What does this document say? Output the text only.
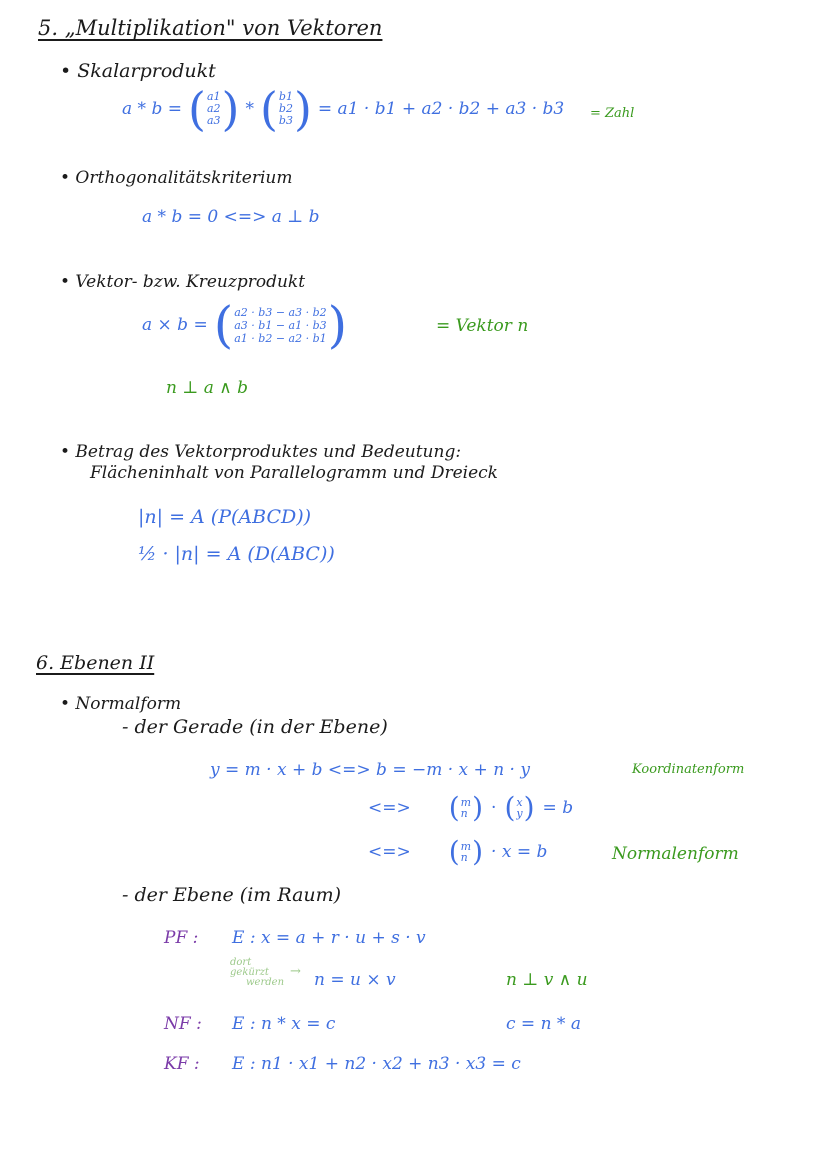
5. „Multiplikation" von Vektoren
• Skalarprodukt
a * b = ( a1
a2
a3 ) * ( b1
b2
b3 ) = a1 · b1 + a2 · b2 + a3 · b3 = Zahl
• Orthogonalitätskriterium
a * b = 0 <=> a ⊥ b
• Vektor- bzw. Kreuzprodukt
a × b = ( a2 · b3 − a3 · b2
a3 · b1 − a1 · b3
a1 · b2 − a2 · b1 )	= Vektor n
n ⊥ a ∧ b
• Betrag des Vektorproduktes und Bedeutung:
Flächeninhalt von Parallelogramm und Dreieck
|n| = A (P(ABCD))
½ · |n| = A (D(ABC))
6. Ebenen II
• Normalform
- der Gerade (in der Ebene)
y = m · x + b <=> b = −m · x + n · y	Koordinatenform
<=> ( m
n ) · ( x
y ) = b
<=> ( m
n ) · x = b	Normalenform
- der Ebene (im Raum)
PF : E : x = a + r · u + s · v
dort
gekürzt
werden
→ n = u × v	n ⊥ v ∧ u
NF : E : n * x = c	c = n * a
KF : E : n1 · x1 + n2 · x2 + n3 · x3 = c
